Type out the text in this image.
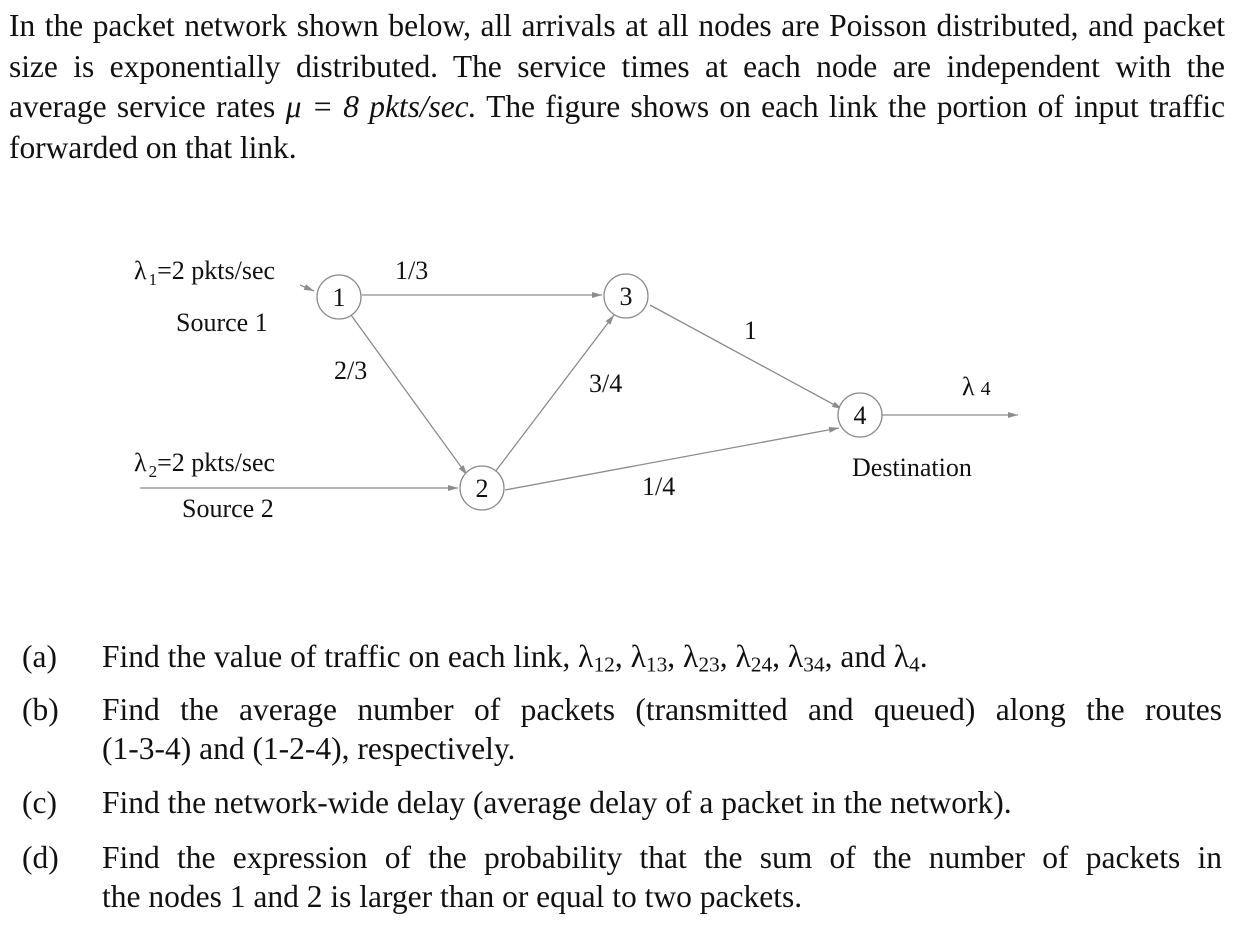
In the packet network shown below, all arrivals at all nodes are Poisson distributed, and packet size is exponentially distributed. The service times at each node are independent with the average service rates μ = 8 pkts/sec. The figure shows on each link the portion of input traffic forwarded on that link.
1
2
3
4
λ $_1$=2 pkts/sec
Source 1
λ $_2$=2 pkts/sec
Source 2
λ 4
Destination
1/3
2/3	3/4
1
1/4
(a) Find the value of traffic on each link, $\lambda_{12}$, $\lambda_{13}$, $\lambda_{23}$, $\lambda_{24}$, $\lambda_{34}$, and $\lambda_4$.
(b) Find the average number of packets (transmitted and queued) along the routes
(1-3-4) and (1-2-4), respectively.
(c) Find the network-wide delay (average delay of a packet in the network).
(d) Find the expression of the probability that the sum of the number of packets in
the nodes 1 and 2 is larger than or equal to two packets.
